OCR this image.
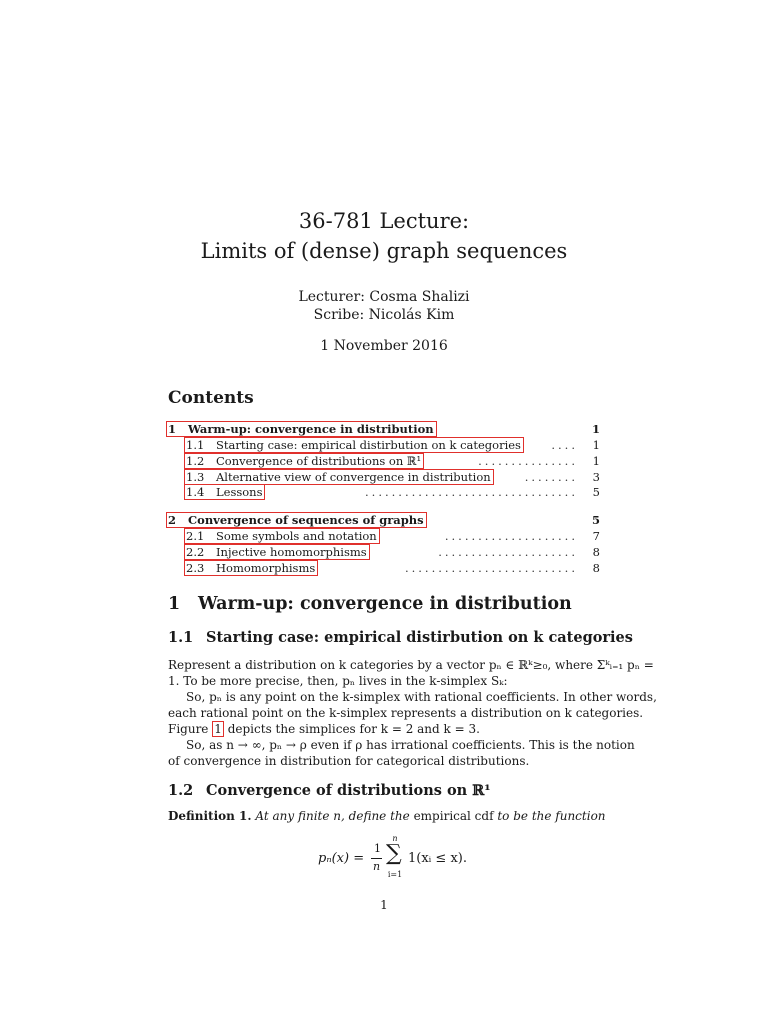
36-781 Lecture:
Limits of (dense) graph sequences
Lecturer: Cosma Shalizi
Scribe: Nicolás Kim
1 November 2016
Contents
1 Warm-up: convergence in distribution	1
1.1 Starting case: empirical distirbution on k categories	1
....
1.2 Convergence of distributions on ℝ¹	1
...............
1.3 Alternative view of convergence in distribution	3
........
1.4 Lessons	5
................................
2 Convergence of sequences of graphs	5
2.1 Some symbols and notation	7
....................
2.2 Injective homomorphisms	8
.....................
2.3 Homomorphisms	8
..........................
1 Warm-up: convergence in distribution
1.1 Starting case: empirical distirbution on k categories
Represent a distribution on k categories by a vector pₙ ∈ ℝᵏ≥₀, where Σᵏᵢ₌₁ pₙ =
1. To be more precise, then, pₙ lives in the k-simplex Sₖ:
So, pₙ is any point on the k-simplex with rational coefficients. In other words,
each rational point on the k-simplex represents a distribution on k categories.
Figure 1 depicts the simplices for k = 2 and k = 3.
So, as n → ∞, pₙ → ρ even if ρ has irrational coefficients. This is the notion
of convergence in distribution for categorical distributions.
1.2 Convergence of distributions on ℝ¹
Definition 1. At any finite n, define the empirical cdf to be the function
pₙ(x) =
1
n
n
∑
i=1
1(xᵢ ≤ x).
1
